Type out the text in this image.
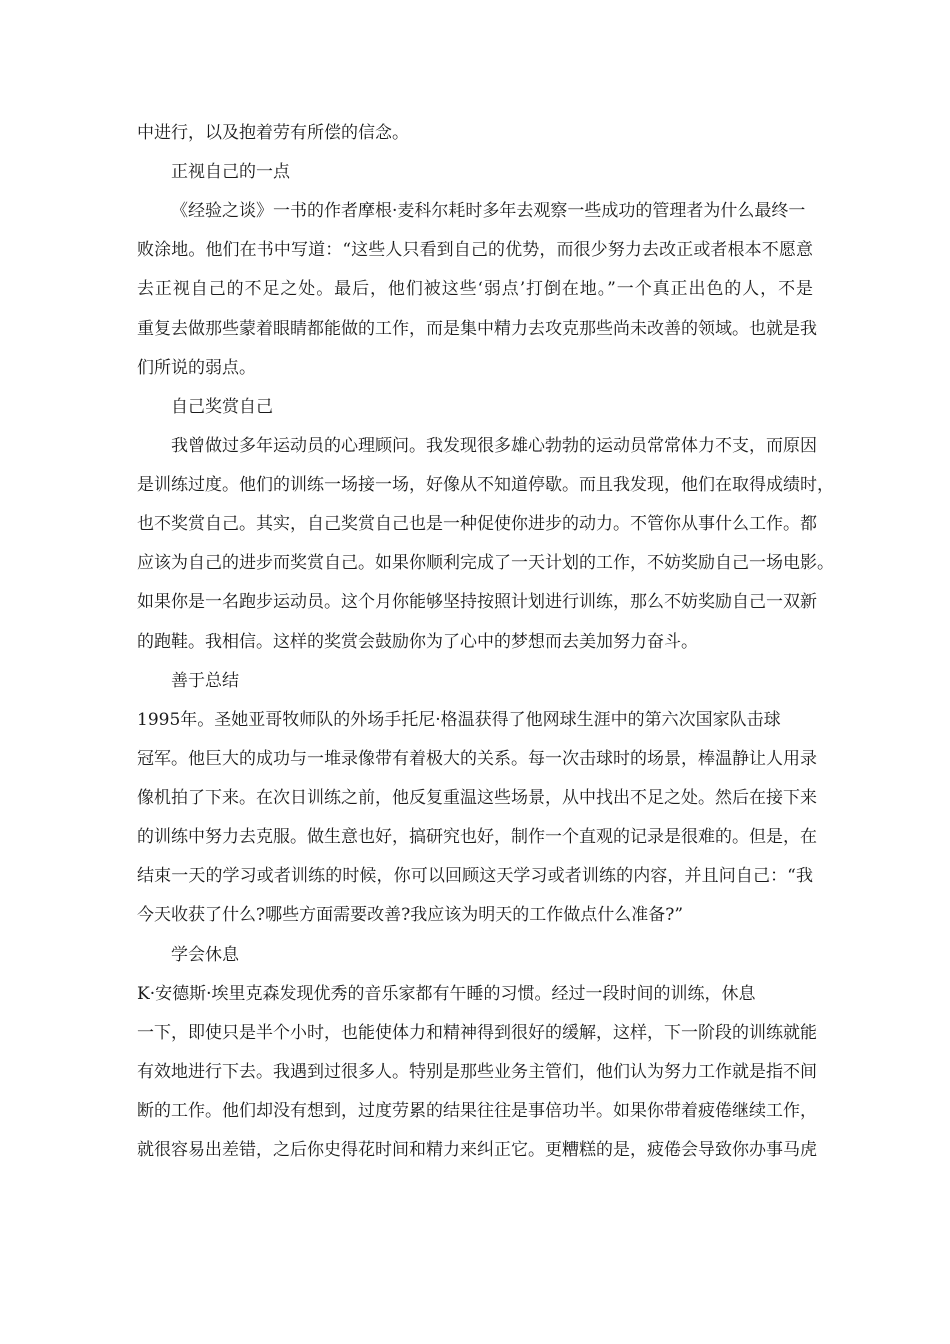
中进行，以及抱着劳有所偿的信念。
正视自己的一点
《经验之谈》一书的作者摩根·麦科尔耗时多年去观察一些成功的管理者为什么最终一
败涂地。他们在书中写道：“这些人只看到自己的优势，而很少努力去改正或者根本不愿意
去正视自己的不足之处。最后，他们被这些‘弱点’打倒在地。”一个真正出色的人，不是
重复去做那些蒙着眼睛都能做的工作，而是集中精力去攻克那些尚未改善的领域。也就是我
们所说的弱点。
自己奖赏自己
我曾做过多年运动员的心理顾问。我发现很多雄心勃勃的运动员常常体力不支，而原因
是训练过度。他们的训练一场接一场，好像从不知道停歇。而且我发现，他们在取得成绩时，
也不奖赏自己。其实，自己奖赏自己也是一种促使你进步的动力。不管你从事什么工作。都
应该为自己的进步而奖赏自己。如果你顺利完成了一天计划的工作，不妨奖励自己一场电影。
如果你是一名跑步运动员。这个月你能够坚持按照计划进行训练，那么不妨奖励自己一双新
的跑鞋。我相信。这样的奖赏会鼓励你为了心中的梦想而去美加努力奋斗。
善于总结
1995年。圣她亚哥牧师队的外场手托尼·格温获得了他网球生涯中的第六次国家队击球
冠军。他巨大的成功与一堆录像带有着极大的关系。每一次击球时的场景，棒温静让人用录
像机拍了下来。在次日训练之前，他反复重温这些场景，从中找出不足之处。然后在接下来
的训练中努力去克服。做生意也好，搞研究也好，制作一个直观的记录是很难的。但是，在
结束一天的学习或者训练的时候，你可以回顾这天学习或者训练的内容，并且问自己：“我
今天收获了什么?哪些方面需要改善?我应该为明天的工作做点什么准备?”
学会休息
K·安德斯·埃里克森发现优秀的音乐家都有午睡的习惯。经过一段时间的训练，休息
一下，即使只是半个小时，也能使体力和精神得到很好的缓解，这样，下一阶段的训练就能
有效地进行下去。我遇到过很多人。特别是那些业务主管们，他们认为努力工作就是指不间
断的工作。他们却没有想到，过度劳累的结果往往是事倍功半。如果你带着疲倦继续工作，
就很容易出差错，之后你史得花时间和精力来纠正它。更糟糕的是，疲倦会导致你办事马虎
